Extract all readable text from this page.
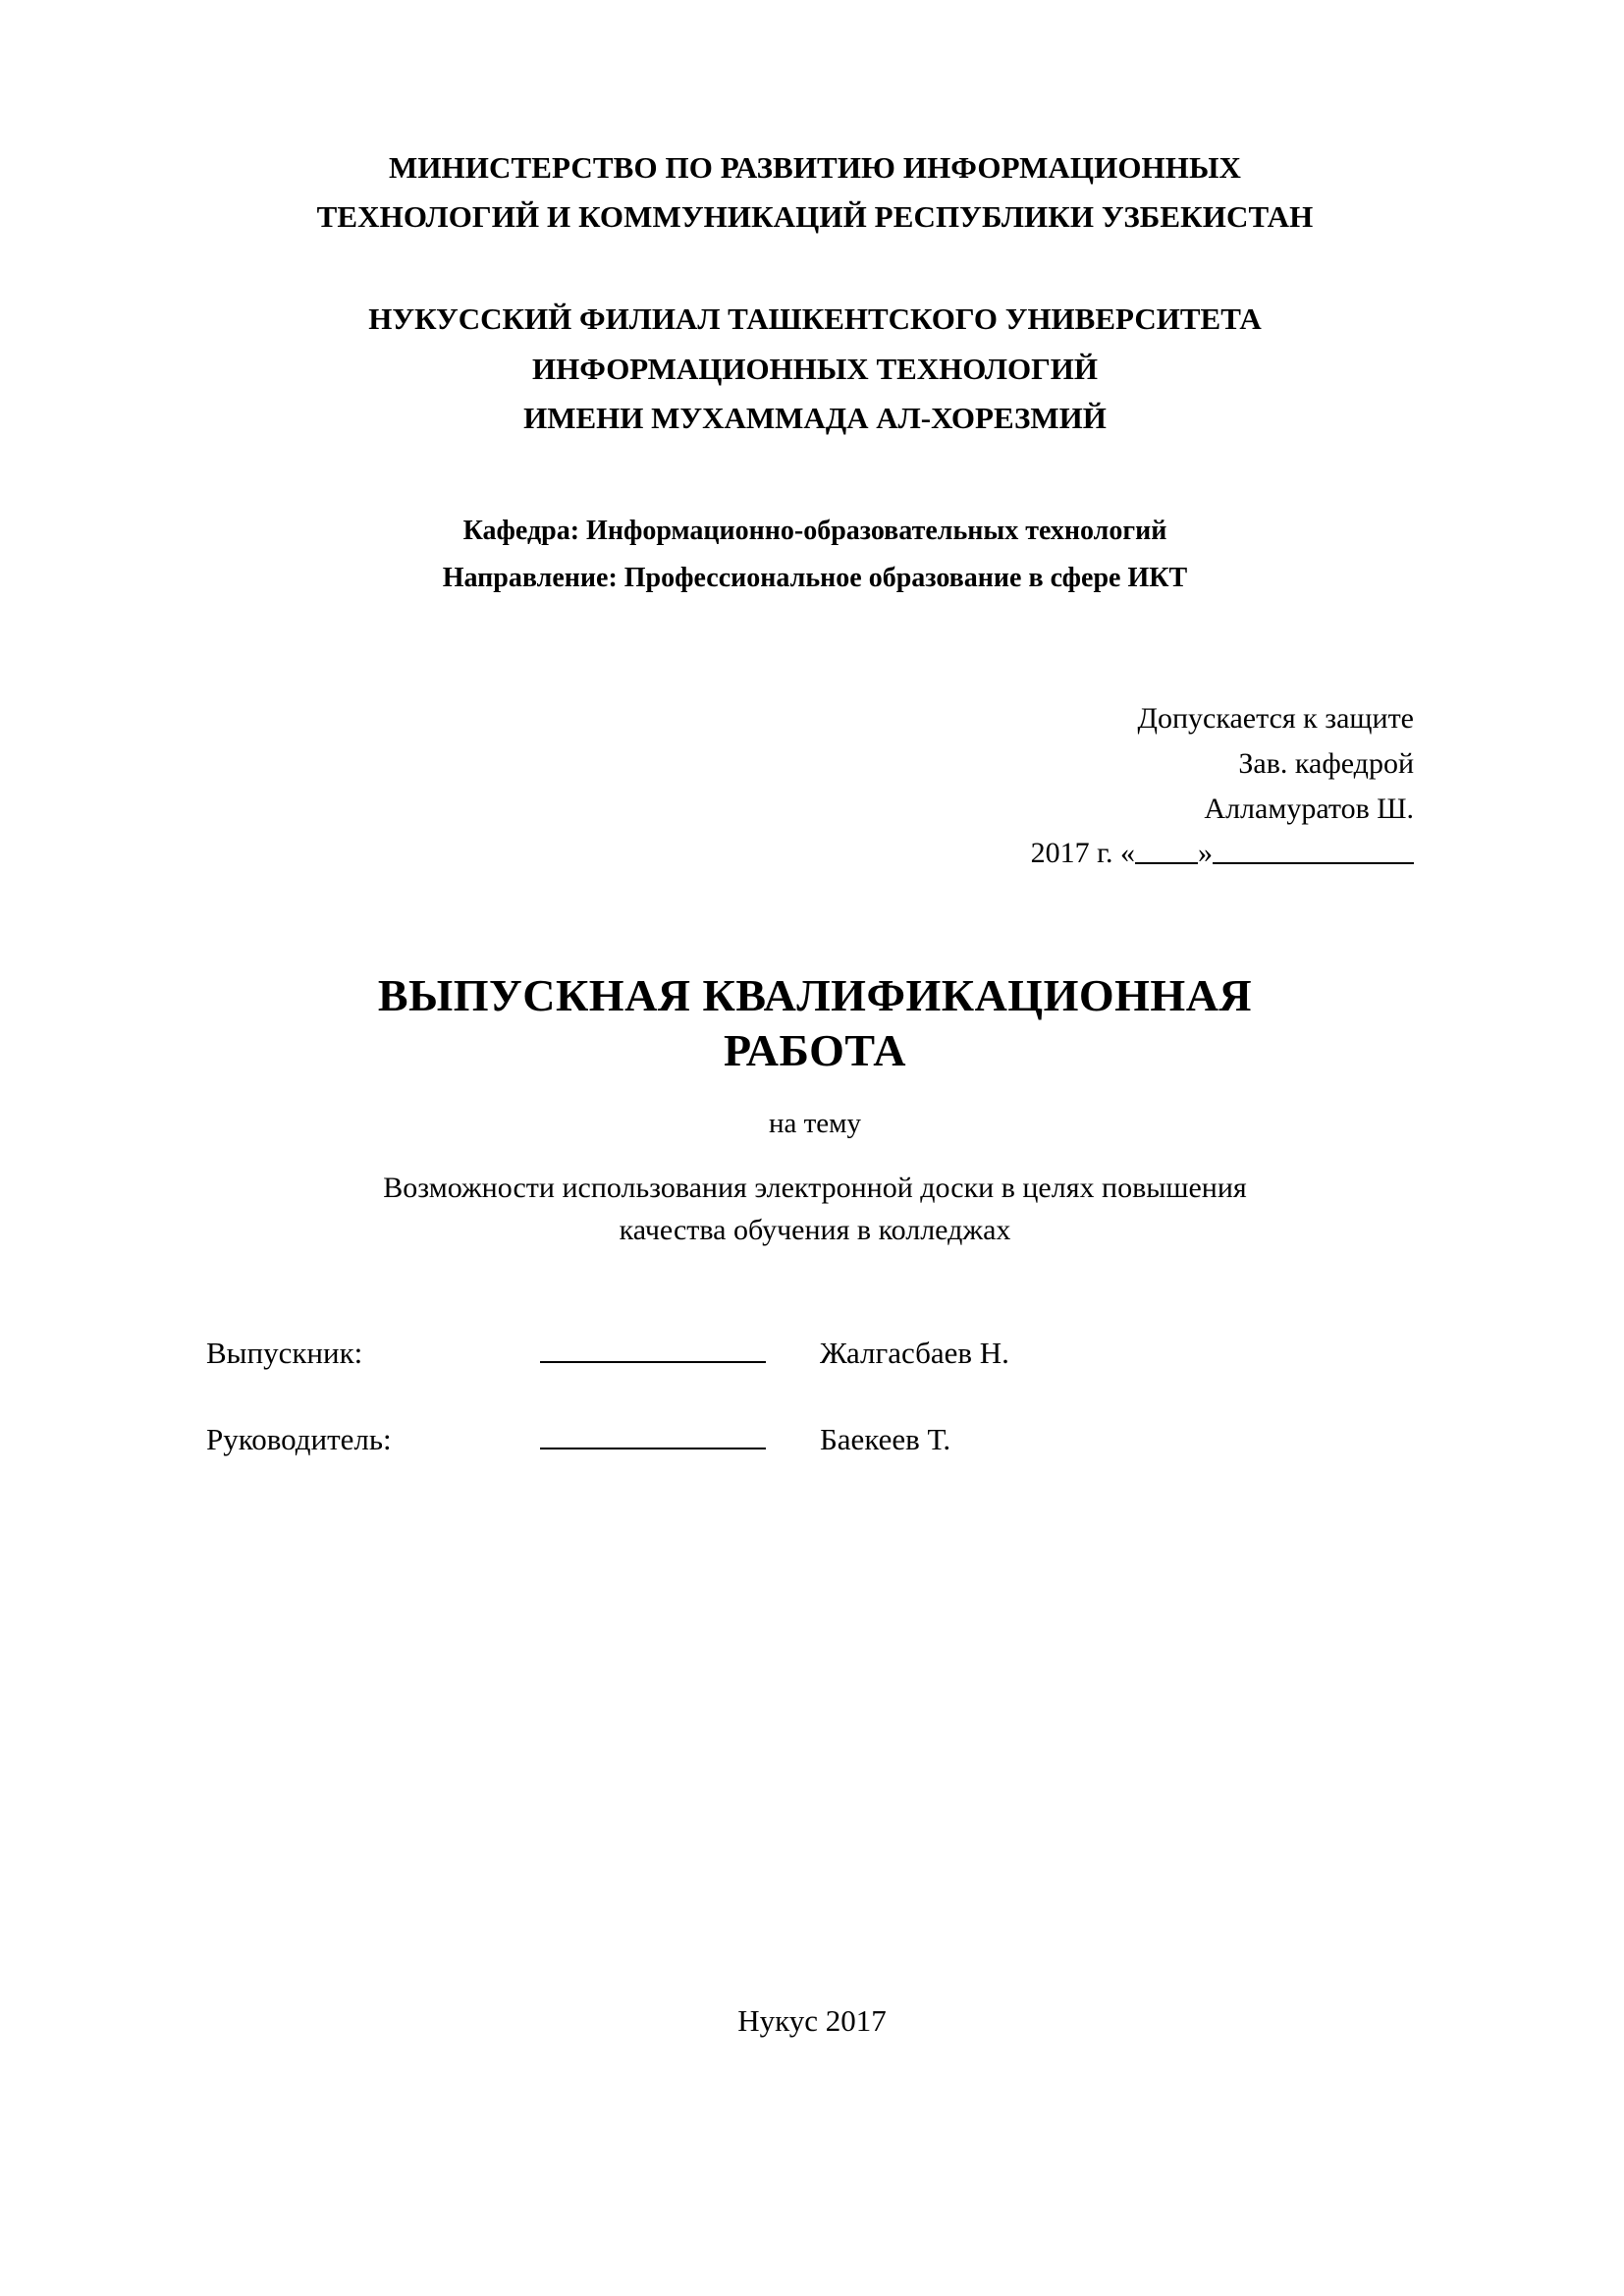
МИНИСТЕРСТВО ПО РАЗВИТИЮ ИНФОРМАЦИОННЫХ
ТЕХНОЛОГИЙ И КОММУНИКАЦИЙ РЕСПУБЛИКИ УЗБЕКИСТАН
НУКУССКИЙ ФИЛИАЛ ТАШКЕНТСКОГО УНИВЕРСИТЕТА
ИНФОРМАЦИОННЫХ ТЕХНОЛОГИЙ
ИМЕНИ МУХАММАДА АЛ-ХОРЕЗМИЙ
Кафедра: Информационно-образовательных технологий
Направление: Профессиональное образование в сфере ИКТ
Допускается к защите
Зав. кафедрой
Алламуратов Ш.
2017 г. « »
ВЫПУСКНАЯ КВАЛИФИКАЦИОННАЯ
РАБОТА
на тему
Возможности использования электронной доски в целях повышения
качества обучения в колледжах
Выпускник:	Жалгасбаев Н.
Руководитель:	Баекеев Т.
Нукус 2017
